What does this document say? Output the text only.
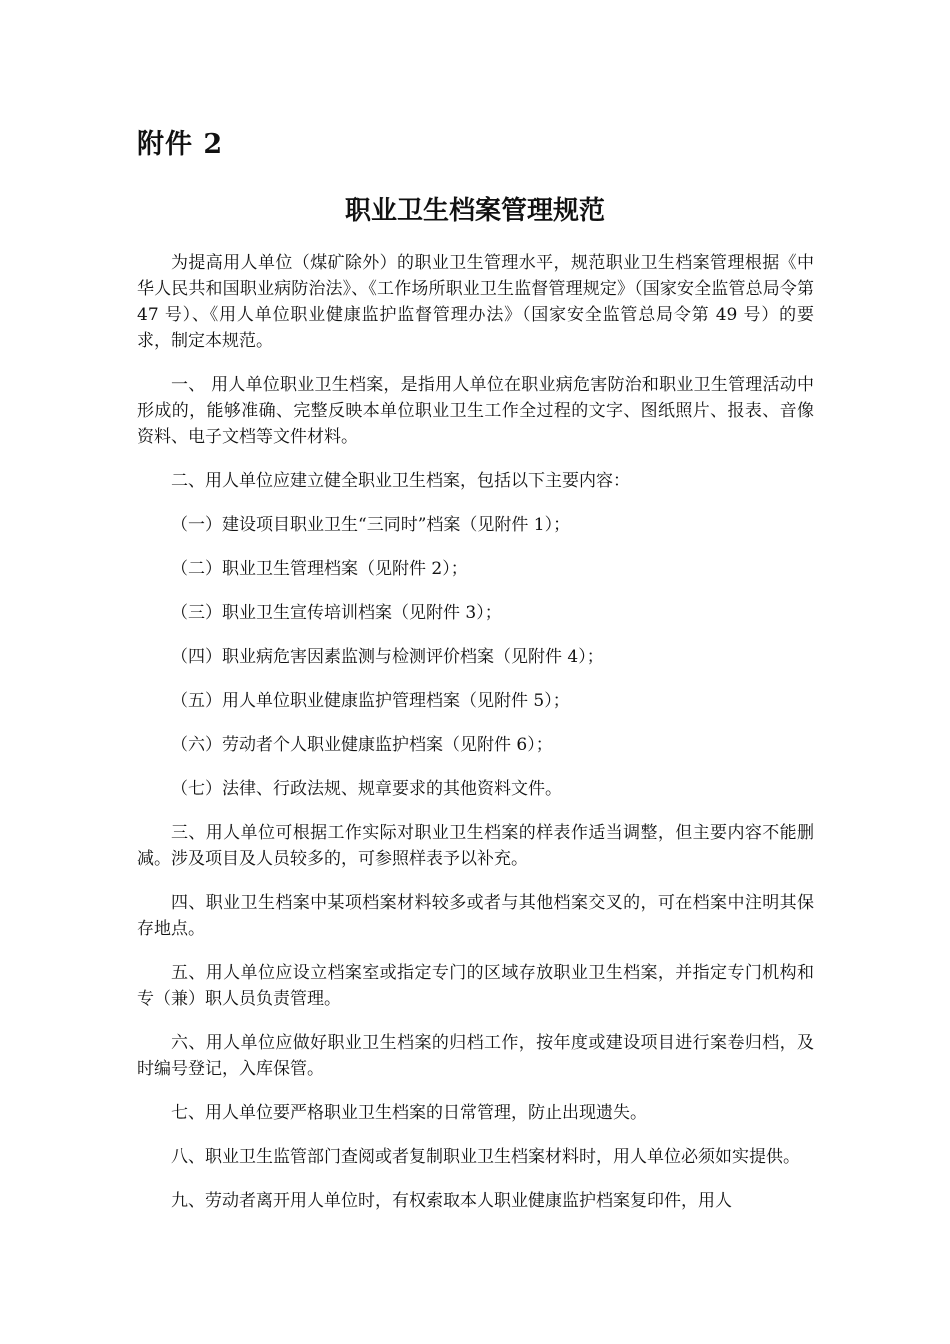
附件 2
职业卫生档案管理规范

为提高用人单位（煤矿除外）的职业卫生管理水平，规范职业卫生档案管理根据《中华人民共和国职业病防治法》、《工作场所职业卫生监督管理规定》（国家安全监管总局令第 47 号）、《用人单位职业健康监护监督管理办法》（国家安全监管总局令第 49 号）的要求，制定本规范。

一、 用人单位职业卫生档案，是指用人单位在职业病危害防治和职业卫生管理活动中形成的，能够准确、完整反映本单位职业卫生工作全过程的文字、图纸照片、报表、音像资料、电子文档等文件材料。

二、用人单位应建立健全职业卫生档案，包括以下主要内容：

（一）建设项目职业卫生“三同时”档案（见附件 1）；

（二）职业卫生管理档案（见附件 2）；

（三）职业卫生宣传培训档案（见附件 3）；

（四）职业病危害因素监测与检测评价档案（见附件 4）；

（五）用人单位职业健康监护管理档案（见附件 5）；

（六）劳动者个人职业健康监护档案（见附件 6）；

（七）法律、行政法规、规章要求的其他资料文件。

三、用人单位可根据工作实际对职业卫生档案的样表作适当调整，但主要内容不能删减。涉及项目及人员较多的，可参照样表予以补充。

四、职业卫生档案中某项档案材料较多或者与其他档案交叉的，可在档案中注明其保存地点。

五、用人单位应设立档案室或指定专门的区域存放职业卫生档案，并指定专门机构和专（兼）职人员负责管理。

六、用人单位应做好职业卫生档案的归档工作，按年度或建设项目进行案卷归档，及时编号登记，入库保管。

七、用人单位要严格职业卫生档案的日常管理，防止出现遗失。

八、职业卫生监管部门查阅或者复制职业卫生档案材料时，用人单位必须如实提供。

九、劳动者离开用人单位时，有权索取本人职业健康监护档案复印件，用人
